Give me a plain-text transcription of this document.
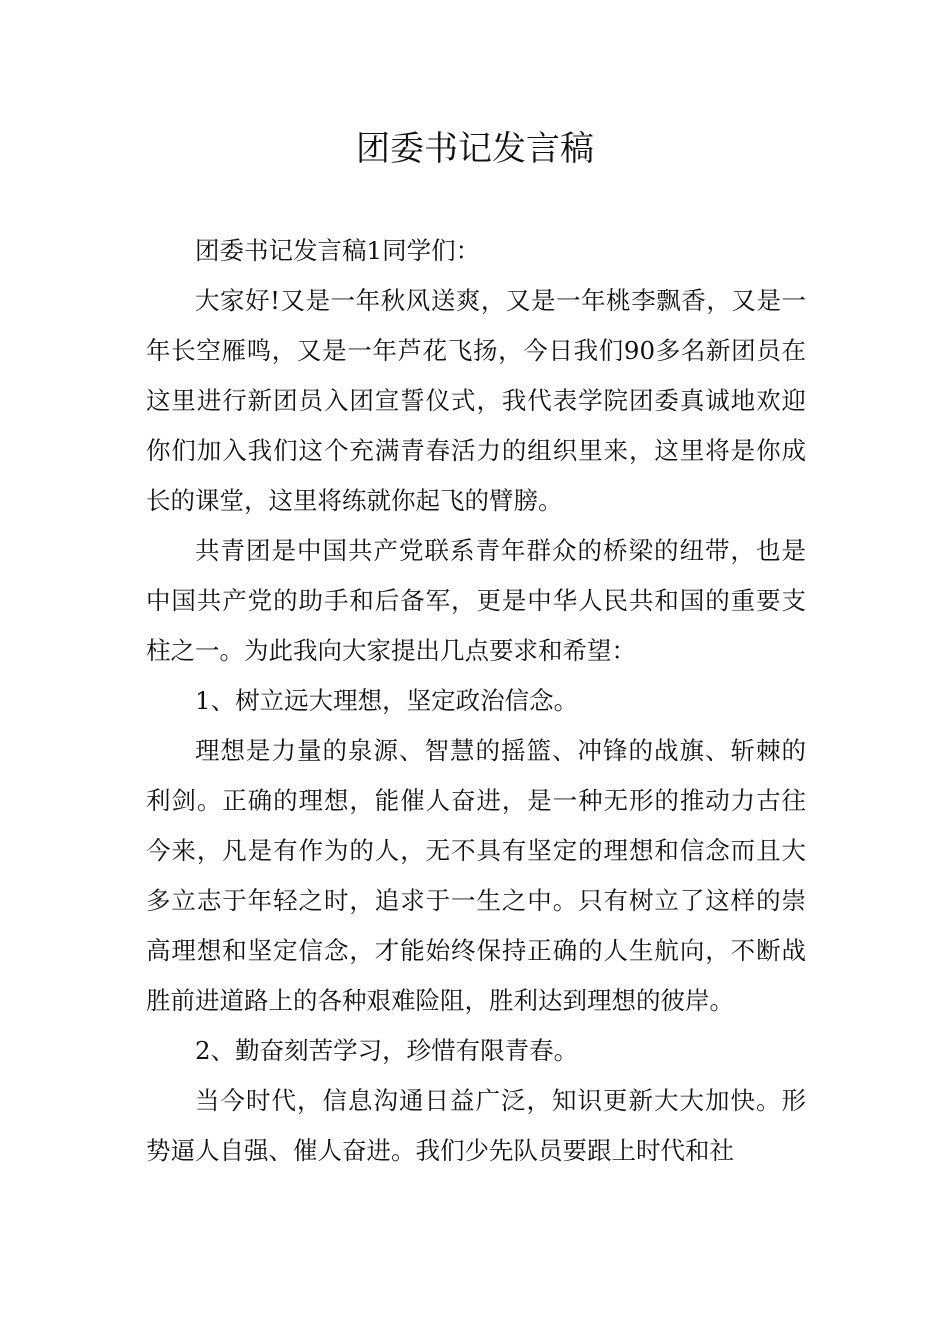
团委书记发言稿

团委书记发言稿1同学们：

大家好!又是一年秋风送爽，又是一年桃李飘香，又是一年长空雁鸣，又是一年芦花飞扬，今日我们90多名新团员在这里进行新团员入团宣誓仪式，我代表学院团委真诚地欢迎你们加入我们这个充满青春活力的组织里来，这里将是你成长的课堂，这里将练就你起飞的臂膀。

共青团是中国共产党联系青年群众的桥梁的纽带，也是中国共产党的助手和后备军，更是中华人民共和国的重要支柱之一。为此我向大家提出几点要求和希望：

1、树立远大理想，坚定政治信念。

理想是力量的泉源、智慧的摇篮、冲锋的战旗、斩棘的利剑。正确的理想，能催人奋进，是一种无形的推动力古往今来，凡是有作为的人，无不具有坚定的理想和信念而且大多立志于年轻之时，追求于一生之中。只有树立了这样的崇高理想和坚定信念，才能始终保持正确的人生航向，不断战胜前进道路上的各种艰难险阻，胜利达到理想的彼岸。

2、勤奋刻苦学习，珍惜有限青春。

当今时代，信息沟通日益广泛，知识更新大大加快。形势逼人自强、催人奋进。我们少先队员要跟上时代和社
